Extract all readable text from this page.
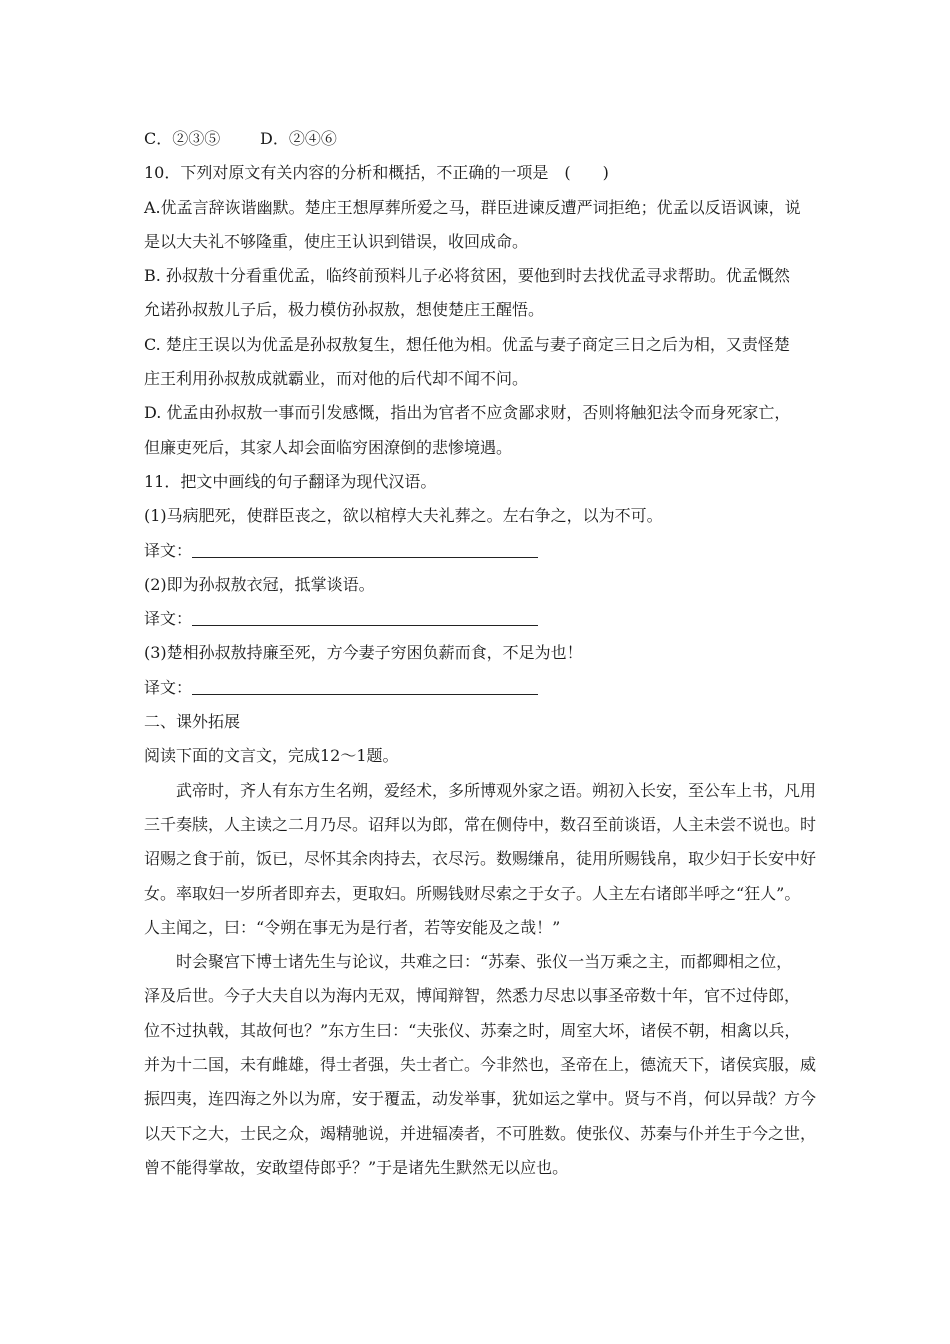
C．②③⑤ D．②④⑥
10．下列对原文有关内容的分析和概括，不正确的一项是　(　　)
A.优孟言辞诙谐幽默。楚庄王想厚葬所爱之马，群臣进谏反遭严词拒绝；优孟以反语讽谏，说
是以大夫礼不够隆重，使庄王认识到错误，收回成命。
B. 孙叔敖十分看重优孟，临终前预料儿子必将贫困，要他到时去找优孟寻求帮助。优孟慨然
允诺孙叔敖儿子后，极力模仿孙叔敖，想使楚庄王醒悟。
C. 楚庄王误以为优孟是孙叔敖复生，想任他为相。优孟与妻子商定三日之后为相，又责怪楚
庄王利用孙叔敖成就霸业，而对他的后代却不闻不问。
D. 优孟由孙叔敖一事而引发感慨，指出为官者不应贪鄙求财，否则将触犯法令而身死家亡，
但廉吏死后，其家人却会面临穷困潦倒的悲惨境遇。
11．把文中画线的句子翻译为现代汉语。
(1)马病肥死，使群臣丧之，欲以棺椁大夫礼葬之。左右争之，以为不可。
译文：
(2)即为孙叔敖衣冠，抵掌谈语。
译文：
(3)楚相孙叔敖持廉至死，方今妻子穷困负薪而食，不足为也！
译文：
二、课外拓展
阅读下面的文言文，完成12～1题。
武帝时，齐人有东方生名朔，爱经术，多所博观外家之语。朔初入长安，至公车上书，凡用
三千奏牍，人主读之二月乃尽。诏拜以为郎，常在侧侍中，数召至前谈语，人主未尝不说也。时
诏赐之食于前，饭已，尽怀其余肉持去，衣尽污。数赐缣帛，徒用所赐钱帛，取少妇于长安中好
女。率取妇一岁所者即弃去，更取妇。所赐钱财尽索之于女子。人主左右诸郎半呼之“狂人”。
人主闻之，曰：“令朔在事无为是行者，若等安能及之哉！”
时会聚宫下博士诸先生与论议，共难之曰：“苏秦、张仪一当万乘之主，而都卿相之位，
泽及后世。今子大夫自以为海内无双，博闻辩智，然悉力尽忠以事圣帝数十年，官不过侍郎，
位不过执戟，其故何也？”东方生曰：“夫张仪、苏秦之时，周室大坏，诸侯不朝，相禽以兵，
并为十二国，未有雌雄，得士者强，失士者亡。今非然也，圣帝在上，德流天下，诸侯宾服，威
振四夷，连四海之外以为席，安于覆盂，动发举事，犹如运之掌中。贤与不肖，何以异哉？方今
以天下之大，士民之众，竭精驰说，并进辐凑者，不可胜数。使张仪、苏秦与仆并生于今之世，
曾不能得掌故，安敢望侍郎乎？”于是诸先生默然无以应也。
